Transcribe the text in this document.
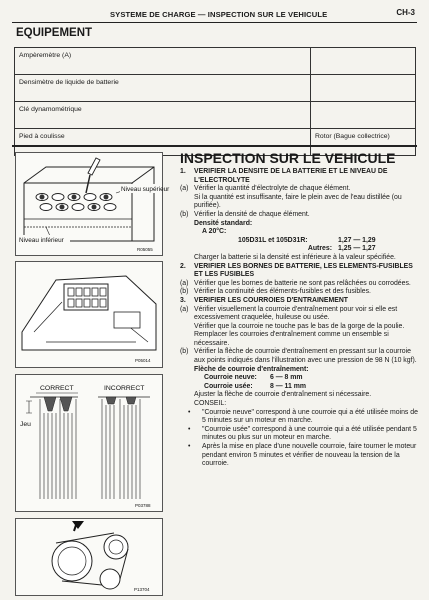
SYSTEME DE CHARGE — INSPECTION SUR LE VEHICULE	CH-3
EQUIPEMENT
Ampèremètre (A)	
Densimètre de liquide de batterie	
Clé dynamométrique	
Pied à coulisse	Rotor (Bague collectrice)
Niveau supérieur
Niveau inférieur
R05055
P05014
CORRECT	INCORRECT
Jeu
P03788
P13704
INSPECTION SUR LE VEHICULE
1.	VERIFIER LA DENSITE DE LA BATTERIE ET LE NIVEAU DE L'ELECTROLYTE
(a) Vérifier la quantité d'électrolyte de chaque élément.
Si la quantité est insuffisante, faire le plein avec de l'eau distillée (ou purifiée).
(b) Vérifier la densité de chaque élément.
Densité standard:
A 20°C:
105D31L et 105D31R:	1,27 — 1,29
Autres: 1,25 — 1,27
Charger la batterie si la densité est inférieure à la valeur spécifiée.
2.	VERIFIER LES BORNES DE BATTERIE, LES ELEMENTS-FUSIBLES ET LES FUSIBLES
(a) Vérifier que les bornes de batterie ne sont pas relâchées ou corrodées.
(b) Vérifier la continuité des éléments-fusibles et des fusibles.
3.	VERIFIER LES COURROIES D'ENTRAINEMENT
(a) Vérifier visuellement la courroie d'entraînement pour voir si elle est excessivement craquelée, huileuse ou usée.
Vérifier que la courroie ne touche pas le bas de la gorge de la poulie.
Remplacer les courroies d'entraînement comme un ensemble si nécessaire.
(b) Vérifier la flèche de courroie d'entraînement en pressant sur la courroie aux points indiqués dans l'illustration avec une pression de 98 N (10 kgf).
Flèche de courroie d'entraînement:
Courroie neuve:	6 — 8 mm
Courroie usée:	8 — 11 mm
Ajuster la flèche de courroie d'entraînement si nécessaire.
CONSEIL:
•	"Courroie neuve" correspond à une courroie qui a été utilisée moins de 5 minutes sur un moteur en marche.
•	"Courroie usée" correspond à une courroie qui a été utilisée pendant 5 minutes ou plus sur un moteur en marche.
•	Après la mise en place d'une nouvelle courroie, faire tourner le moteur pendant environ 5 minutes et vérifier de nouveau la tension de la courroie.
